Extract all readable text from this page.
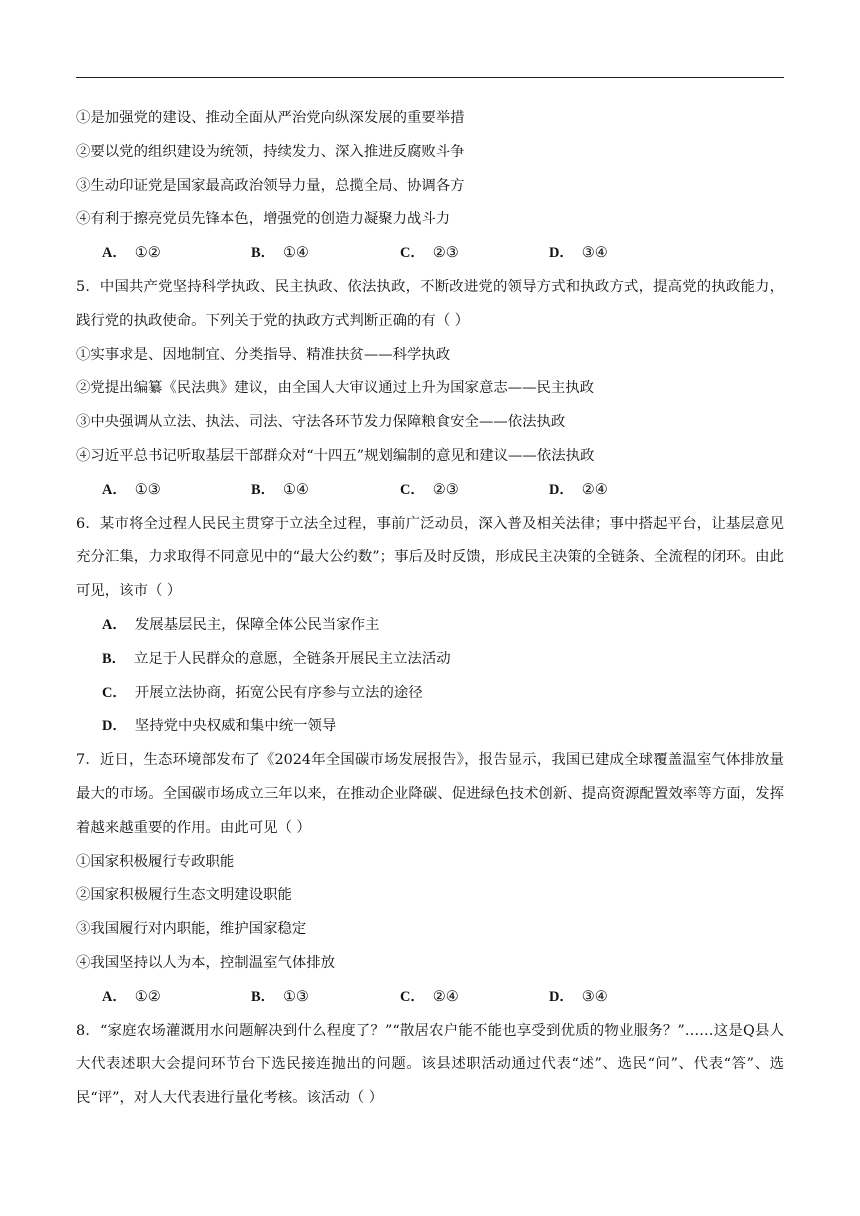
①是加强党的建设、推动全面从严治党向纵深发展的重要举措
②要以党的组织建设为统领，持续发力、深入推进反腐败斗争
③生动印证党是国家最高政治领导力量，总揽全局、协调各方
④有利于擦亮党员先锋本色，增强党的创造力凝聚力战斗力
A． ①②	B． ①④	C． ②③	D． ③④
5．中国共产党坚持科学执政、民主执政、依法执政，不断改进党的领导方式和执政方式，提高党的执政能力，践行党的执政使命。下列关于党的执政方式判断正确的有（ ）
①实事求是、因地制宜、分类指导、精准扶贫——科学执政
②党提出编纂《民法典》建议，由全国人大审议通过上升为国家意志——民主执政
③中央强调从立法、执法、司法、守法各环节发力保障粮食安全——依法执政
④习近平总书记听取基层干部群众对“十四五”规划编制的意见和建议——依法执政
A． ①③	B． ①④	C． ②③	D． ②④
6．某市将全过程人民民主贯穿于立法全过程，事前广泛动员，深入普及相关法律；事中搭起平台，让基层意见充分汇集，力求取得不同意见中的“最大公约数”；事后及时反馈，形成民主决策的全链条、全流程的闭环。由此可见，该市（ ）
A． 发展基层民主，保障全体公民当家作主
B． 立足于人民群众的意愿，全链条开展民主立法活动
C． 开展立法协商，拓宽公民有序参与立法的途径
D． 坚持党中央权威和集中统一领导
7．近日，生态环境部发布了《2024年全国碳市场发展报告》，报告显示，我国已建成全球覆盖温室气体排放量最大的市场。全国碳市场成立三年以来，在推动企业降碳、促进绿色技术创新、提高资源配置效率等方面，发挥着越来越重要的作用。由此可见（ ）
①国家积极履行专政职能
②国家积极履行生态文明建设职能
③我国履行对内职能，维护国家稳定
④我国坚持以人为本，控制温室气体排放
A． ①②	B． ①③	C． ②④	D． ③④
8．“家庭农场灌溉用水问题解决到什么程度了？”“散居农户能不能也享受到优质的物业服务？”……这是Q县人大代表述职大会提问环节台下选民接连抛出的问题。该县述职活动通过代表“述”、选民“问”、代表“答”、选民“评”，对人大代表进行量化考核。该活动（ ）
